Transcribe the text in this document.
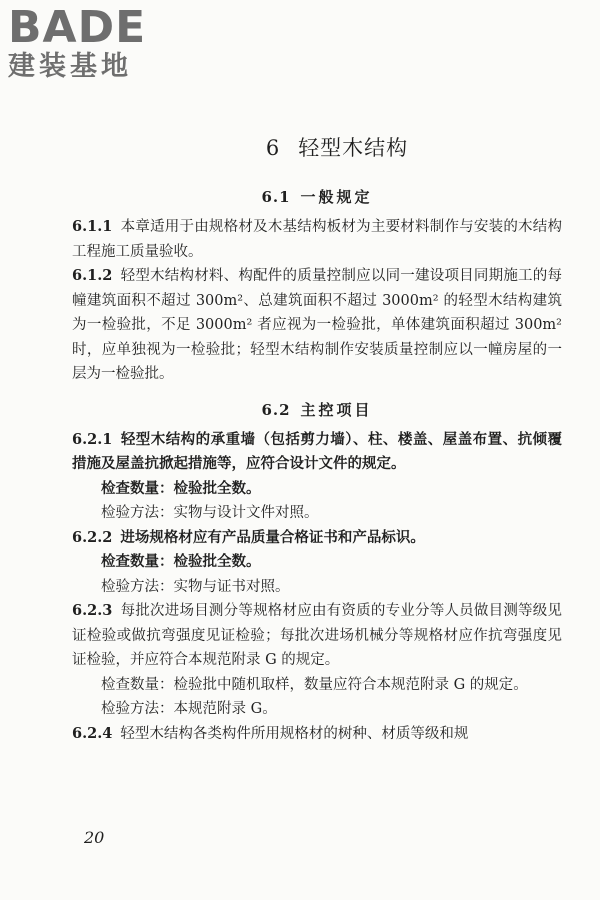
BADE
建装基地
6 轻型木结构
6.1 一般规定

6.1.1 本章适用于由规格材及木基结构板材为主要材料制作与安装的木结构工程施工质量验收。

6.1.2 轻型木结构材料、构配件的质量控制应以同一建设项目同期施工的每幢建筑面积不超过 300m²、总建筑面积不超过 3000m² 的轻型木结构建筑为一检验批，不足 3000m² 者应视为一检验批，单体建筑面积超过 300m² 时，应单独视为一检验批；轻型木结构制作安装质量控制应以一幢房屋的一层为一检验批。

6.2 主控项目

6.2.1 轻型木结构的承重墙（包括剪力墙）、柱、楼盖、屋盖布置、抗倾覆措施及屋盖抗掀起措施等，应符合设计文件的规定。

检查数量：检验批全数。

检验方法：实物与设计文件对照。

6.2.2 进场规格材应有产品质量合格证书和产品标识。

检查数量：检验批全数。

检验方法：实物与证书对照。

6.2.3 每批次进场目测分等规格材应由有资质的专业分等人员做目测等级见证检验或做抗弯强度见证检验；每批次进场机械分等规格材应作抗弯强度见证检验，并应符合本规范附录 G 的规定。

检查数量：检验批中随机取样，数量应符合本规范附录 G 的规定。

检验方法：本规范附录 G。

6.2.4 轻型木结构各类构件所用规格材的树种、材质等级和规

20
